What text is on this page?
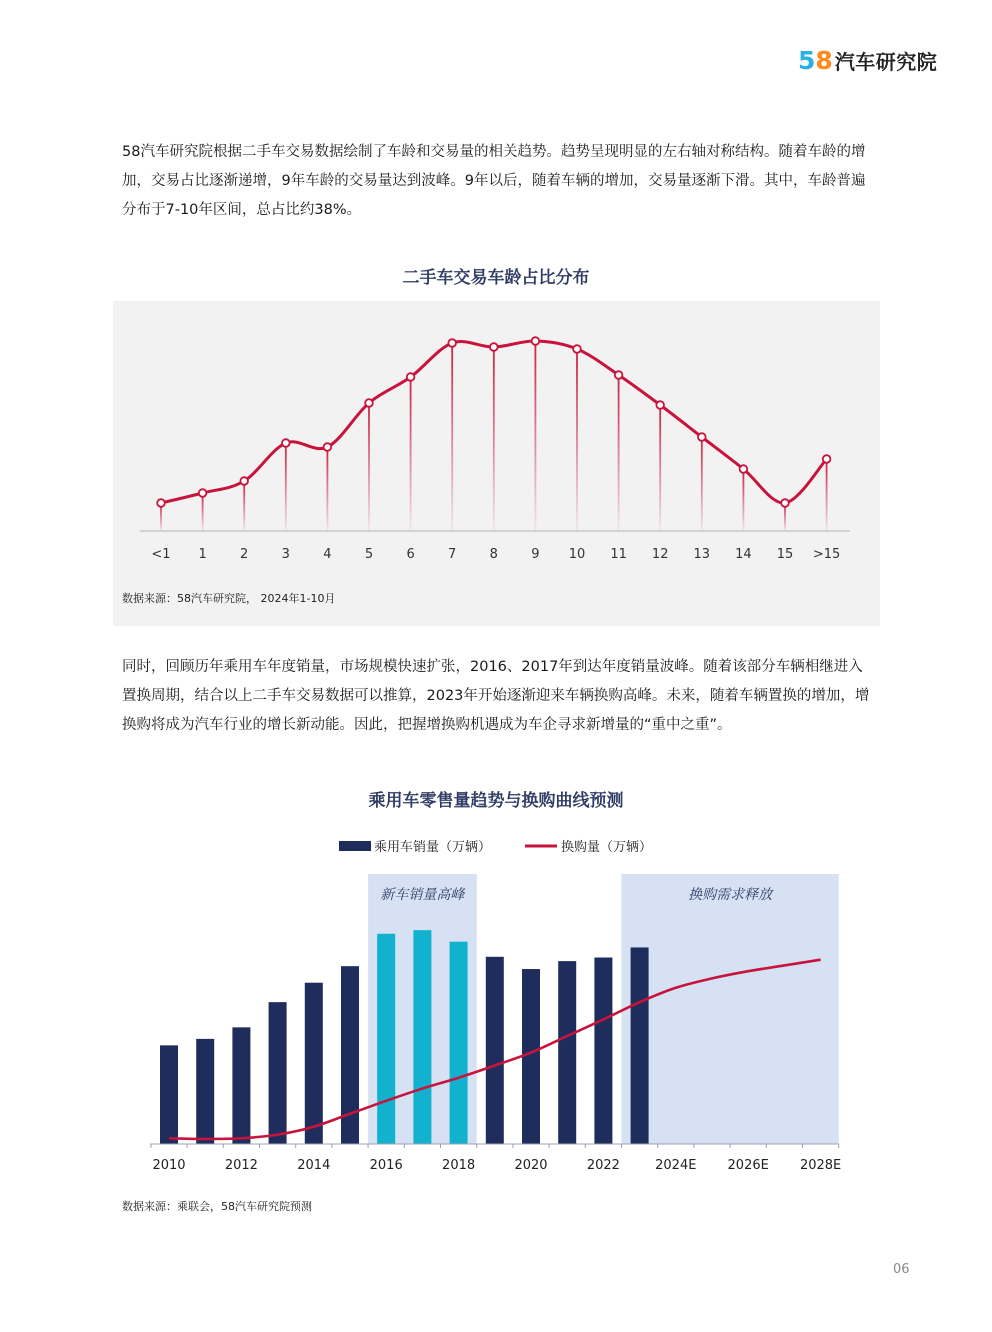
5 8 汽车研究院

58汽车研究院根据二手车交易数据绘制了车龄和交易量的相关趋势。趋势呈现明显的左右轴对称结构。随着车龄的增加，交易占比逐渐递增，9年车龄的交易量达到波峰。9年以后，随着车辆的增加，交易量逐渐下滑。其中，车龄普遍分布于7-10年区间，总占比约38%。

二手车交易车龄占比分布
<1 1	2	3	4	5	6	7	8	9 10 11 12 13 14 15 >15
数据来源：58汽车研究院， 2024年1-10月

同时，回顾历年乘用车年度销量，市场规模快速扩张，2016、2017年到达年度销量波峰。随着该部分车辆相继进入置换周期，结合以上二手车交易数据可以推算，2023年开始逐渐迎来车辆换购高峰。未来，随着车辆置换的增加，增换购将成为汽车行业的增长新动能。因此，把握增换购机遇成为车企寻求新增量的“重中之重”。

乘用车零售量趋势与换购曲线预测
新车销量高峰	换购需求释放
2010	2012	2014	2016	2018	2020	2022	2024E 2026E 2028E
乘用车销量（万辆）	换购量（万辆）
数据来源：乘联会，58汽车研究院预测
06
